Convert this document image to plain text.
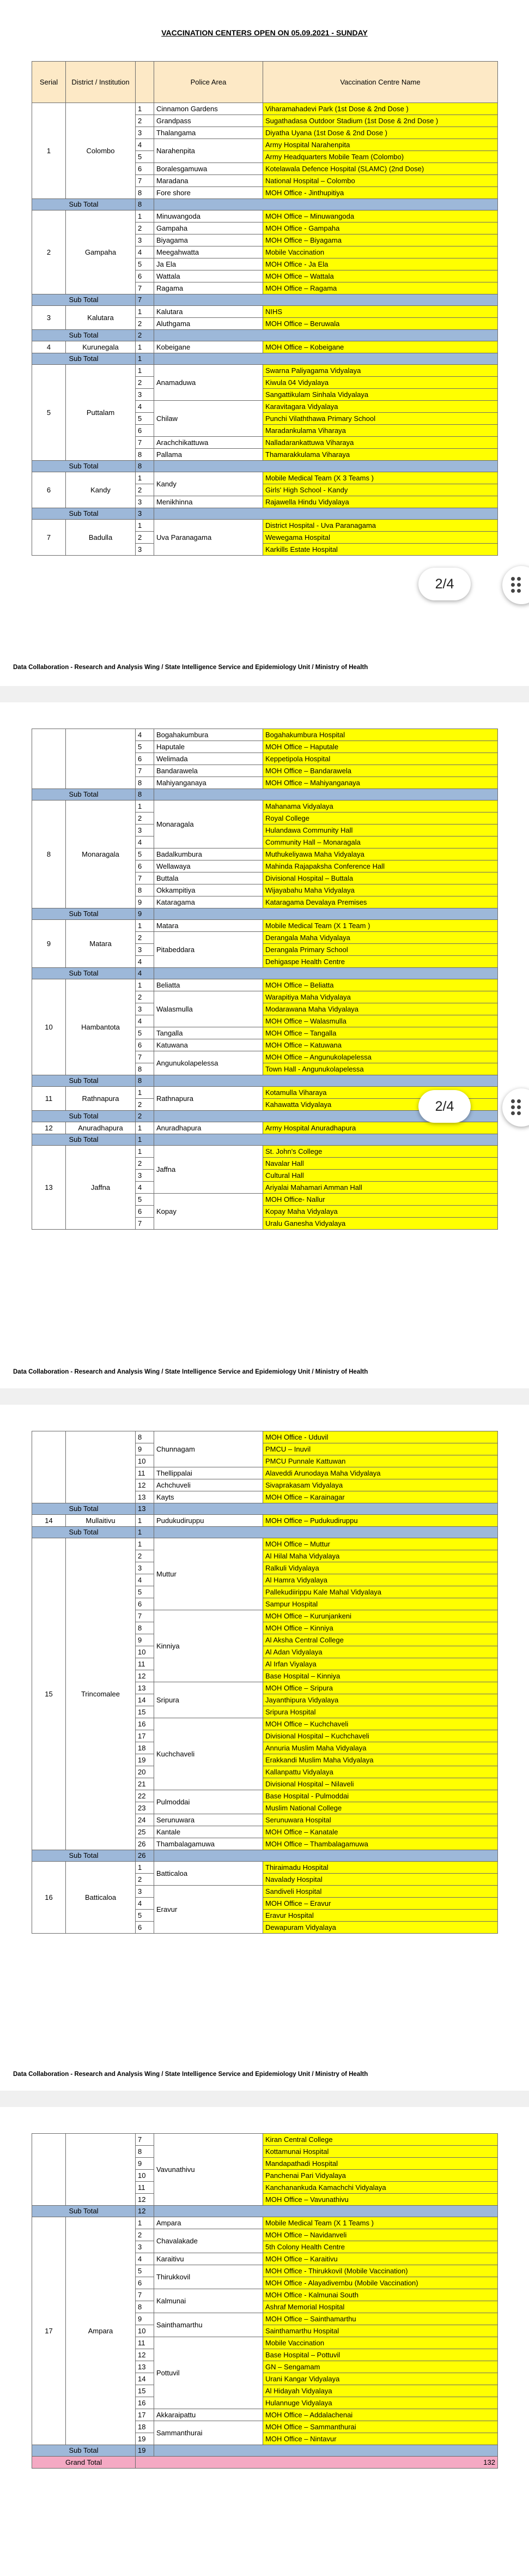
VACCINATION CENTERS OPEN ON 05.09.2021 - SUNDAY
Serial	District / Institution		Police Area	Vaccination Centre Name
1	Colombo	1	Cinnamon Gardens	Viharamahadevi Park (1st Dose & 2nd Dose )
		2	Grandpass	Sugathadasa Outdoor Stadium (1st Dose & 2nd Dose )
		3	Thalangama	Diyatha Uyana (1st Dose & 2nd Dose )
		4	Narahenpita	Army Hospital Narahenpita
		5		Army Headquarters Mobile Team (Colombo)
		6	Boralesgamuwa	Kotelawala Defence Hospital (SLAMC) (2nd Dose)
		7	Maradana	National Hospital – Colombo
		8	Fore shore	MOH Office - Jinthupitiya
Sub Total		8		
2	Gampaha	1	Minuwangoda	MOH Office – Minuwangoda
		2	Gampaha	MOH Office - Gampaha
		3	Biyagama	MOH Office – Biyagama
		4	Meegahwatta	Mobile Vaccination
		5	Ja Ela	MOH Office - Ja Ela
		6	Wattala	MOH Office – Wattala
		7	Ragama	MOH Office – Ragama
Sub Total		7		
3	Kalutara	1	Kalutara	NIHS
		2	Aluthgama	MOH Office – Beruwala
Sub Total		2		
4	Kurunegala	1	Kobeigane	MOH Office – Kobeigane
Sub Total		1		
5	Puttalam	1	Anamaduwa	Swarna Paliyagama Vidyalaya
		2		Kiwula 04 Vidyalaya
		3		Sangattikulam Sinhala Vidyalaya
		4	Chilaw	Karavitagara Vidyalaya
		5		Punchi Vilaththawa Primary School
		6		Maradankulama Viharaya
		7	Arachchikattuwa	Nalladarankattuwa Viharaya
		8	Pallama	Thamarakkulama Viharaya
Sub Total		8		
6	Kandy	1	Kandy	Mobile Medical Team (X 3 Teams )
		2		Girls' High School - Kandy
		3	Menikhinna	Rajawella Hindu Vidyalaya
Sub Total		3		
7	Badulla	1	Uva Paranagama	District Hospital - Uva Paranagama
		2		Wewegama Hospital
		3		Karkills Estate Hospital
Data Collaboration - Research and Analysis Wing / State Intelligence Service and Epidemiology Unit / Ministry of Health
		4	Bogahakumbura	Bogahakumbura Hospital
		5	Haputale	MOH Office – Haputale
		6	Welimada	Keppetipola Hospital
		7	Bandarawela	MOH Office – Bandarawela
		8	Mahiyanganaya	MOH Office – Mahiyanganaya
Sub Total		8		
8	Monaragala	1	Monaragala	Mahanama Vidyalaya
		2		Royal College
		3		Hulandawa Community Hall
		4		Community Hall – Monaragala
		5	Badalkumbura	Muthukeliyawa Maha Vidyalaya
		6	Wellawaya	Mahinda Rajapaksha Conference Hall
		7	Buttala	Divisional Hospital – Buttala
		8	Okkampitiya	Wijayabahu Maha Vidyalaya
		9	Kataragama	Kataragama Devalaya Premises
Sub Total		9		
9	Matara	1	Matara	Mobile Medical Team (X 1 Team )
		2	Pitabeddara	Derangala Maha Vidyalaya
		3		Derangala Primary School
		4		Dehigaspe Health Centre
Sub Total		4		
10	Hambantota	1	Beliatta	MOH Office – Beliatta
		2	Walasmulla	Warapitiya Maha Vidyalaya
		3		Modarawana Maha Vidyalaya
		4		MOH Office – Walasmulla
		5	Tangalla	MOH Office – Tangalla
		6	Katuwana	MOH Office – Katuwana
		7	Angunukolapelessa	MOH Office – Angunukolapelessa
		8		Town Hall - Angunukolapelessa
Sub Total		8		
11	Rathnapura	1	Rathnapura	Kotamulla Viharaya
		2		Kahawatta Vidyalaya
Sub Total		2		
12	Anuradhapura	1	Anuradhapura	Army Hospital Anuradhapura
Sub Total		1		
13	Jaffna	1	Jaffna	St. John's College
		2		Navalar Hall
		3		Cultural Hall
		4		Ariyalai Mahamari Amman Hall
		5	Kopay	MOH Office- Nallur
		6		Kopay Maha Vidyalaya
		7		Uralu Ganesha Vidyalaya
Data Collaboration - Research and Analysis Wing / State Intelligence Service and Epidemiology Unit / Ministry of Health
		8	Chunnagam	MOH Office - Uduvil
		9		PMCU – Inuvil
		10		PMCU Punnale Kattuwan
		11	Thellippalai	Alaveddi Arunodaya Maha Vidyalaya
		12	Achchuveli	Sivaprakasam Vidyalaya
		13	Kayts	MOH Office – Karainagar
Sub Total		13		
14	Mullaitivu	1	Pudukudiruppu	MOH Office – Pudukudiruppu
Sub Total		1		
15	Trincomalee	1	Muttur	MOH Office – Muttur
		2		Al Hilal Maha Vidyalaya
		3		Ralkuli Vidyalaya
		4		Al Hamra Vidyalaya
		5		Pallekudiirippu Kale Mahal Vidyalaya
		6		Sampur Hospital
		7	Kinniya	MOH Office – Kurunjankeni
		8		MOH Office – Kinniya
		9		Al Aksha Central College
		10		Al Adan Vidyalaya
		11		Al Irfan Viyalaya
		12		Base Hospital – Kinniya
		13	Sripura	MOH Office – Sripura
		14		Jayanthipura Vidyalaya
		15		Sripura Hospital
		16	Kuchchaveli	MOH Office – Kuchchaveli
		17		Divisional Hospital – Kuchchaveli
		18		Annuria Muslim Maha Vidyalaya
		19		Erakkandi Muslim Maha Vidyalaya
		20		Kallanpattu Vidyalaya
		21		Divisional Hospital – Nilaveli
		22	Pulmoddai	Base Hospital - Pulmoddai
		23		Muslim National College
		24	Serunuwara	Serunuwara Hospital
		25	Kantale	MOH Office – Kanatale
		26	Thambalagamuwa	MOH Office – Thambalagamuwa
Sub Total		26		
16	Batticaloa	1	Batticaloa	Thiraimadu Hospital
		2		Navalady Hospital
		3	Eravur	Sandiveli Hospital
		4		MOH Office – Eravur
		5		Eravur Hospital
		6		Dewapuram Vidyalaya
Data Collaboration - Research and Analysis Wing / State Intelligence Service and Epidemiology Unit / Ministry of Health
		7	Vavunathivu	Kiran Central College
		8		Kottamunai Hospital
		9		Mandapathadi Hospital
		10		Panchenai Pari Vidyalaya
		11		Kanchanankuda Kamachchi Vidyalaya
		12		MOH Office – Vavunathivu
Sub Total		12		
17	Ampara	1	Ampara	Mobile Medical Team (X 1 Teams )
		2	Chavalakade	MOH Office – Navidanveli
		3		5th Colony Health Centre
		4	Karaitivu	MOH Office – Karaitivu
		5	Thirukkovil	MOH Office - Thirukkovil (Mobile Vaccination)
		6		MOH Office - Alayadivembu (Mobile Vaccination)
		7	Kalmunai	MOH Office - Kalmunai South
		8		Ashraf Memorial Hospital
		9	Sainthamarthu	MOH Office – Sainthamarthu
		10		Sainthamarthu Hospital
		11	Pottuvil	Mobile Vaccination
		12		Base Hospital – Pottuvil
		13		GN – Sengamam
		14		Urani Kangar Vidyalaya
		15		Al Hidayah Vidyalaya
		16		Hulannuge Vidyalaya
		17	Akkaraipattu	MOH Office – Addalachenai
		18	Sammanthurai	MOH Office – Sammanthurai
		19		MOH Office – Nintavur
Sub Total		19		
Grand Total		132		
2/4
2/4
